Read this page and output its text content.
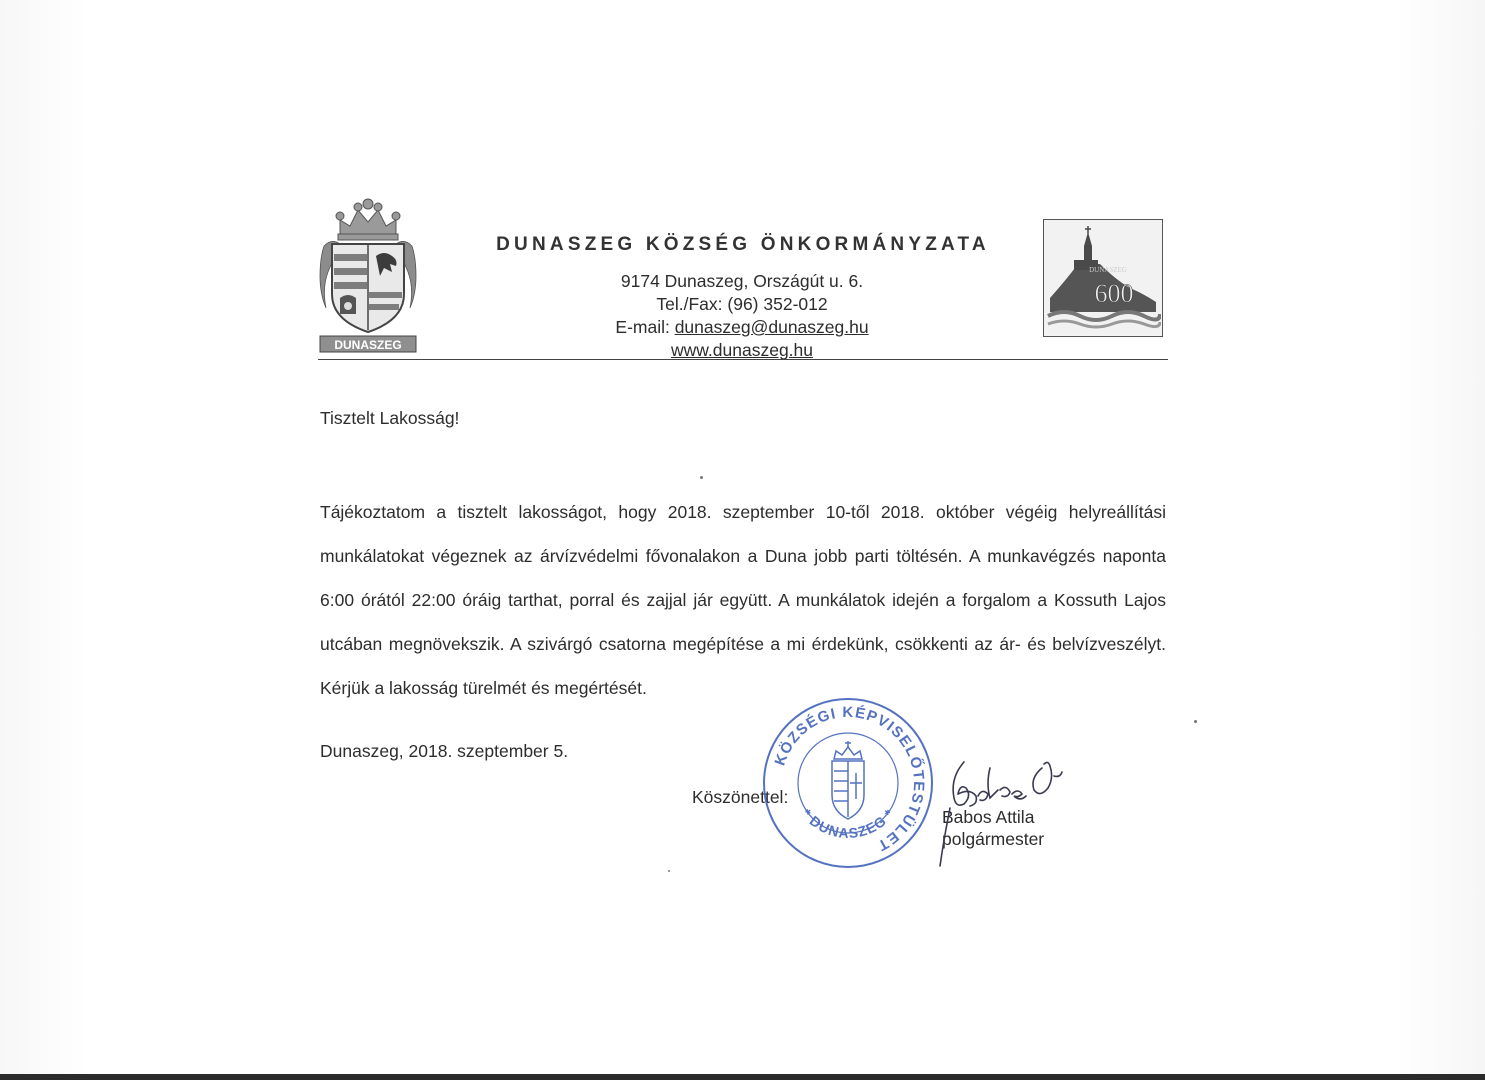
DUNASZEG
DUNASZEG KÖZSÉG ÖNKORMÁNYZATA
9174 Dunaszeg, Országút u. 6.
Tel./Fax: (96) 352-012
E-mail: dunaszeg@dunaszeg.hu
www.dunaszeg.hu
DUNASZEG
600
Tisztelt Lakosság!
Tájékoztatom a tisztelt lakosságot, hogy 2018. szeptember 10-től 2018. október végéig helyreállítási munkálatokat végeznek az árvízvédelmi fővonalakon a Duna jobb parti töltésén. A munkavégzés naponta 6:00 órától 22:00 óráig tarthat, porral és zajjal jár együtt. A munkálatok idején a forgalom a Kossuth Lajos utcában megnövekszik. A szivárgó csatorna megépítése a mi érdekünk, csökkenti az ár- és belvízveszélyt. Kérjük a lakosság türelmét és megértését.
Dunaszeg, 2018. szeptember 5.
Köszönettel:
Babos Attila
polgármester
KÖZSÉGI KÉPVISELŐTESTÜLET
* DUNASZEG *
